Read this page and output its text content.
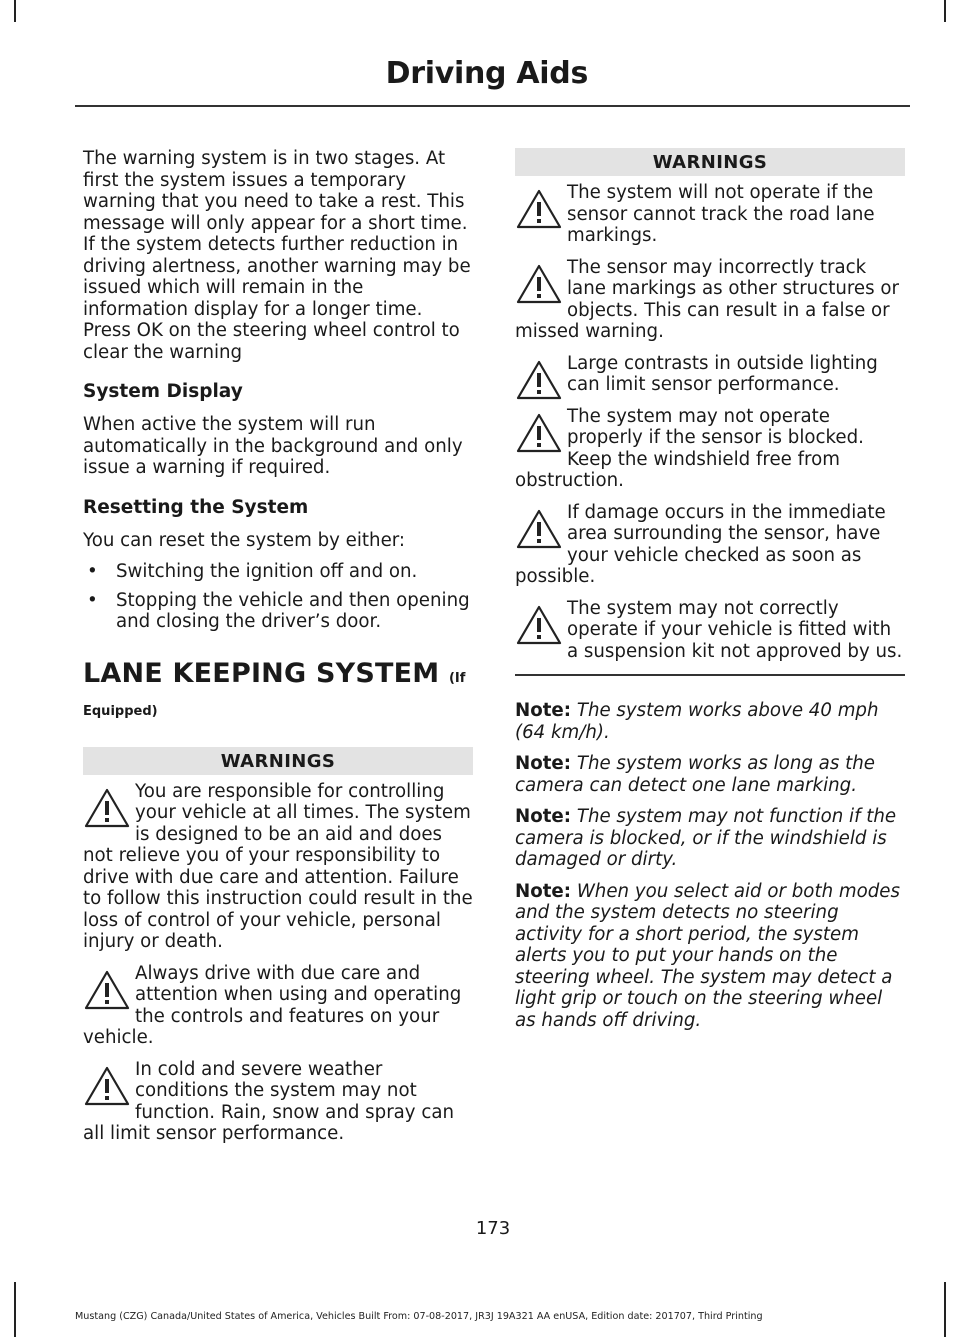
Driving Aids

The warning system is in two stages. At first the system issues a temporary warning that you need to take a rest. This message will only appear for a short time. If the system detects further reduction in driving alertness, another warning may be issued which will remain in the information display for a longer time. Press OK on the steering wheel control to clear the warning

System Display

When active the system will run automatically in the background and only issue a warning if required.

Resetting the System

You can reset the system by either:

• Switching the ignition off and on.
• Stopping the vehicle and then opening and closing the driver’s door.
LANE KEEPING SYSTEM (If
Equipped)
WARNINGS

You are responsible for controlling your vehicle at all times. The system is designed to be an aid and does not relieve you of your responsibility to drive with due care and attention. Failure to follow this instruction could result in the loss of control of your vehicle, personal injury or death.

Always drive with due care and attention when using and operating the controls and features on your vehicle.

In cold and severe weather conditions the system may not function. Rain, snow and spray can all limit sensor performance.

WARNINGS

The system will not operate if the sensor cannot track the road lane markings.

The sensor may incorrectly track lane markings as other structures or objects. This can result in a false or missed warning.

Large contrasts in outside lighting can limit sensor performance.

The system may not operate properly if the sensor is blocked. Keep the windshield free from obstruction.

If damage occurs in the immediate area surrounding the sensor, have your vehicle checked as soon as possible.

The system may not correctly operate if your vehicle is fitted with a suspension kit not approved by us.

Note: The system works above 40 mph (64 km/h).

Note: The system works as long as the camera can detect one lane marking.

Note: The system may not function if the camera is blocked, or if the windshield is damaged or dirty.

Note: When you select aid or both modes and the system detects no steering activity for a short period, the system alerts you to put your hands on the steering wheel. The system may detect a light grip or touch on the steering wheel as hands off driving.

173
Mustang (CZG) Canada/United States of America, Vehicles Built From: 07-08-2017, JR3J 19A321 AA enUSA, Edition date: 201707, Third Printing
